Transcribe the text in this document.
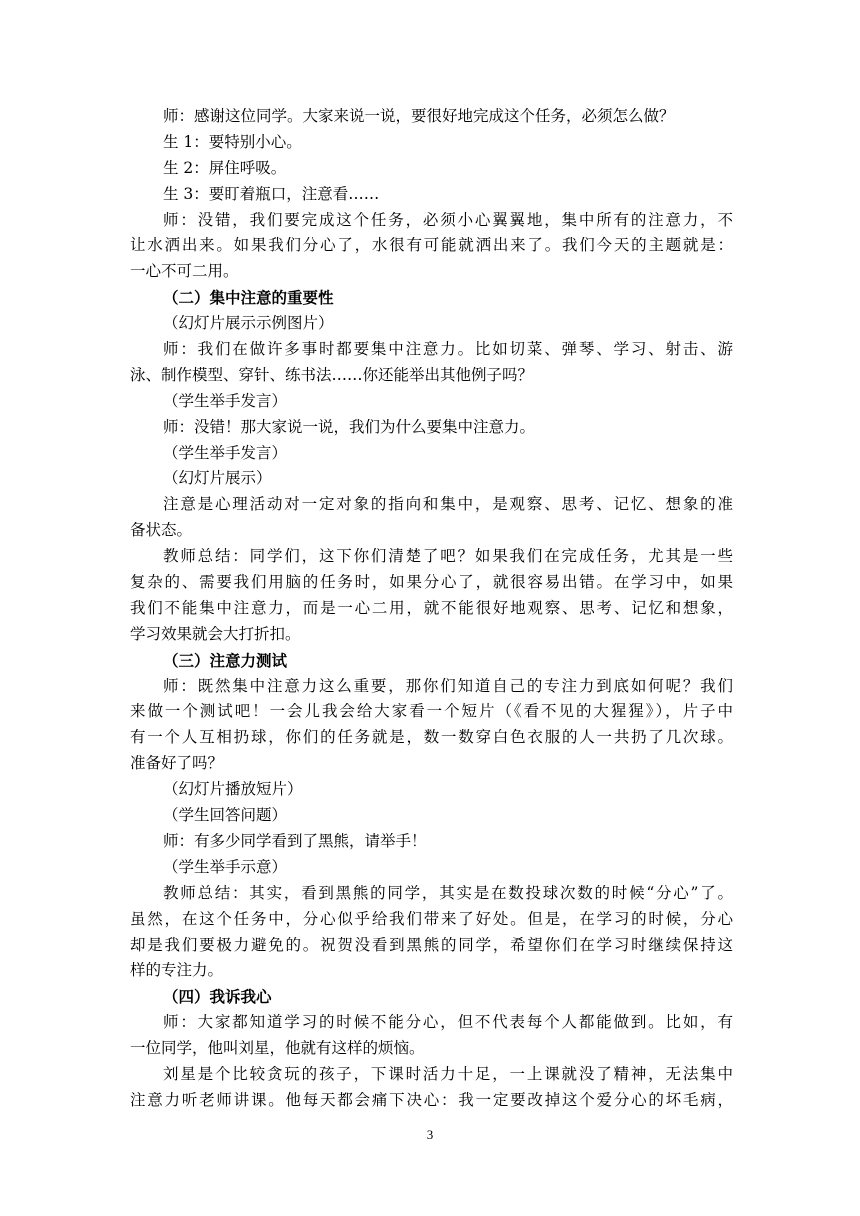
师：感谢这位同学。大家来说一说，要很好地完成这个任务，必须怎么做？
生 1：要特别小心。
生 2：屏住呼吸。
生 3：要盯着瓶口，注意看……
师：没错，我们要完成这个任务，必须小心翼翼地，集中所有的注意力，不
让水洒出来。如果我们分心了，水很有可能就洒出来了。我们今天的主题就是：
一心不可二用。
（二）集中注意的重要性
（幻灯片展示示例图片）
师：我们在做许多事时都要集中注意力。比如切菜、弹琴、学习、射击、游
泳、制作模型、穿针、练书法……你还能举出其他例子吗？
（学生举手发言）
师：没错！那大家说一说，我们为什么要集中注意力。
（学生举手发言）
（幻灯片展示）
注意是心理活动对一定对象的指向和集中，是观察、思考、记忆、想象的准
备状态。
教师总结：同学们，这下你们清楚了吧？如果我们在完成任务，尤其是一些
复杂的、需要我们用脑的任务时，如果分心了，就很容易出错。在学习中，如果
我们不能集中注意力，而是一心二用，就不能很好地观察、思考、记忆和想象，
学习效果就会大打折扣。
（三）注意力测试
师：既然集中注意力这么重要，那你们知道自己的专注力到底如何呢？我们
来做一个测试吧！一会儿我会给大家看一个短片（《看不见的大猩猩》），片子中
有一个人互相扔球，你们的任务就是，数一数穿白色衣服的人一共扔了几次球。
准备好了吗？
（幻灯片播放短片）
（学生回答问题）
师：有多少同学看到了黑熊，请举手！
（学生举手示意）
教师总结：其实，看到黑熊的同学，其实是在数投球次数的时候“分心”了。
虽然，在这个任务中，分心似乎给我们带来了好处。但是，在学习的时候，分心
却是我们要极力避免的。祝贺没看到黑熊的同学，希望你们在学习时继续保持这
样的专注力。
（四）我诉我心
师：大家都知道学习的时候不能分心，但不代表每个人都能做到。比如，有
一位同学，他叫刘星，他就有这样的烦恼。
刘星是个比较贪玩的孩子，下课时活力十足，一上课就没了精神，无法集中
注意力听老师讲课。他每天都会痛下决心：我一定要改掉这个爱分心的坏毛病，
3
